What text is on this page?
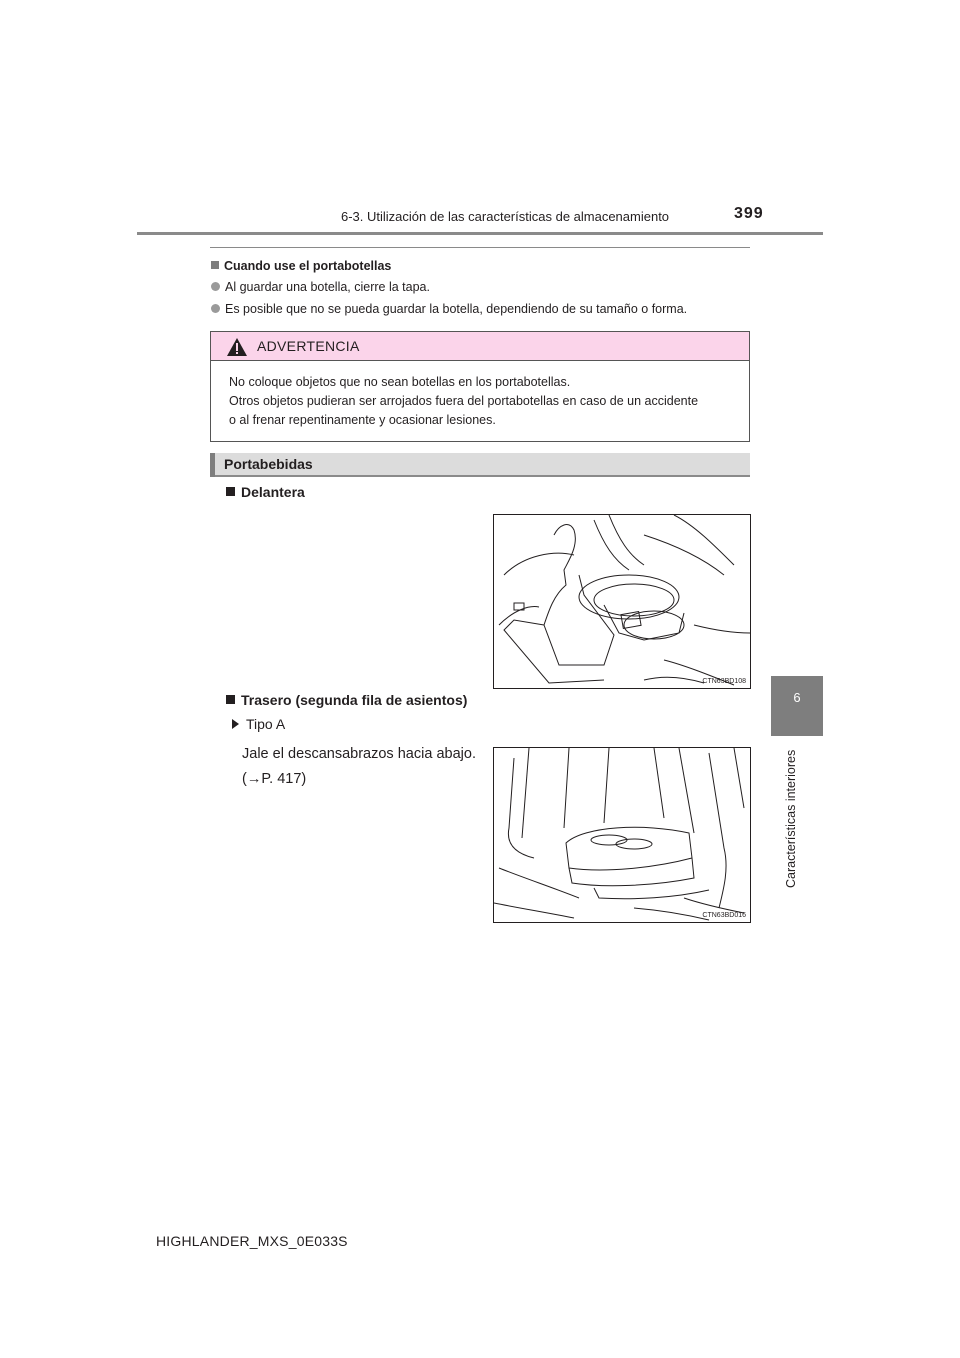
6-3. Utilización de las características de almacenamiento	399
6
Características interiores
Cuando use el portabotellas
Al guardar una botella, cierre la tapa.
Es posible que no se pueda guardar la botella, dependiendo de su tamaño o forma.
ADVERTENCIA
No coloque objetos que no sean botellas en los portabotellas.
Otros objetos pudieran ser arrojados fuera del portabotellas en caso de un accidente
o al frenar repentinamente y ocasionar lesiones.
Portabebidas
Delantera
CTN63BD108
Trasero (segunda fila de asientos)
Tipo A
Jale el descansabrazos hacia abajo. (→P. 417)
CTN63BD016
HIGHLANDER_MXS_0E033S
